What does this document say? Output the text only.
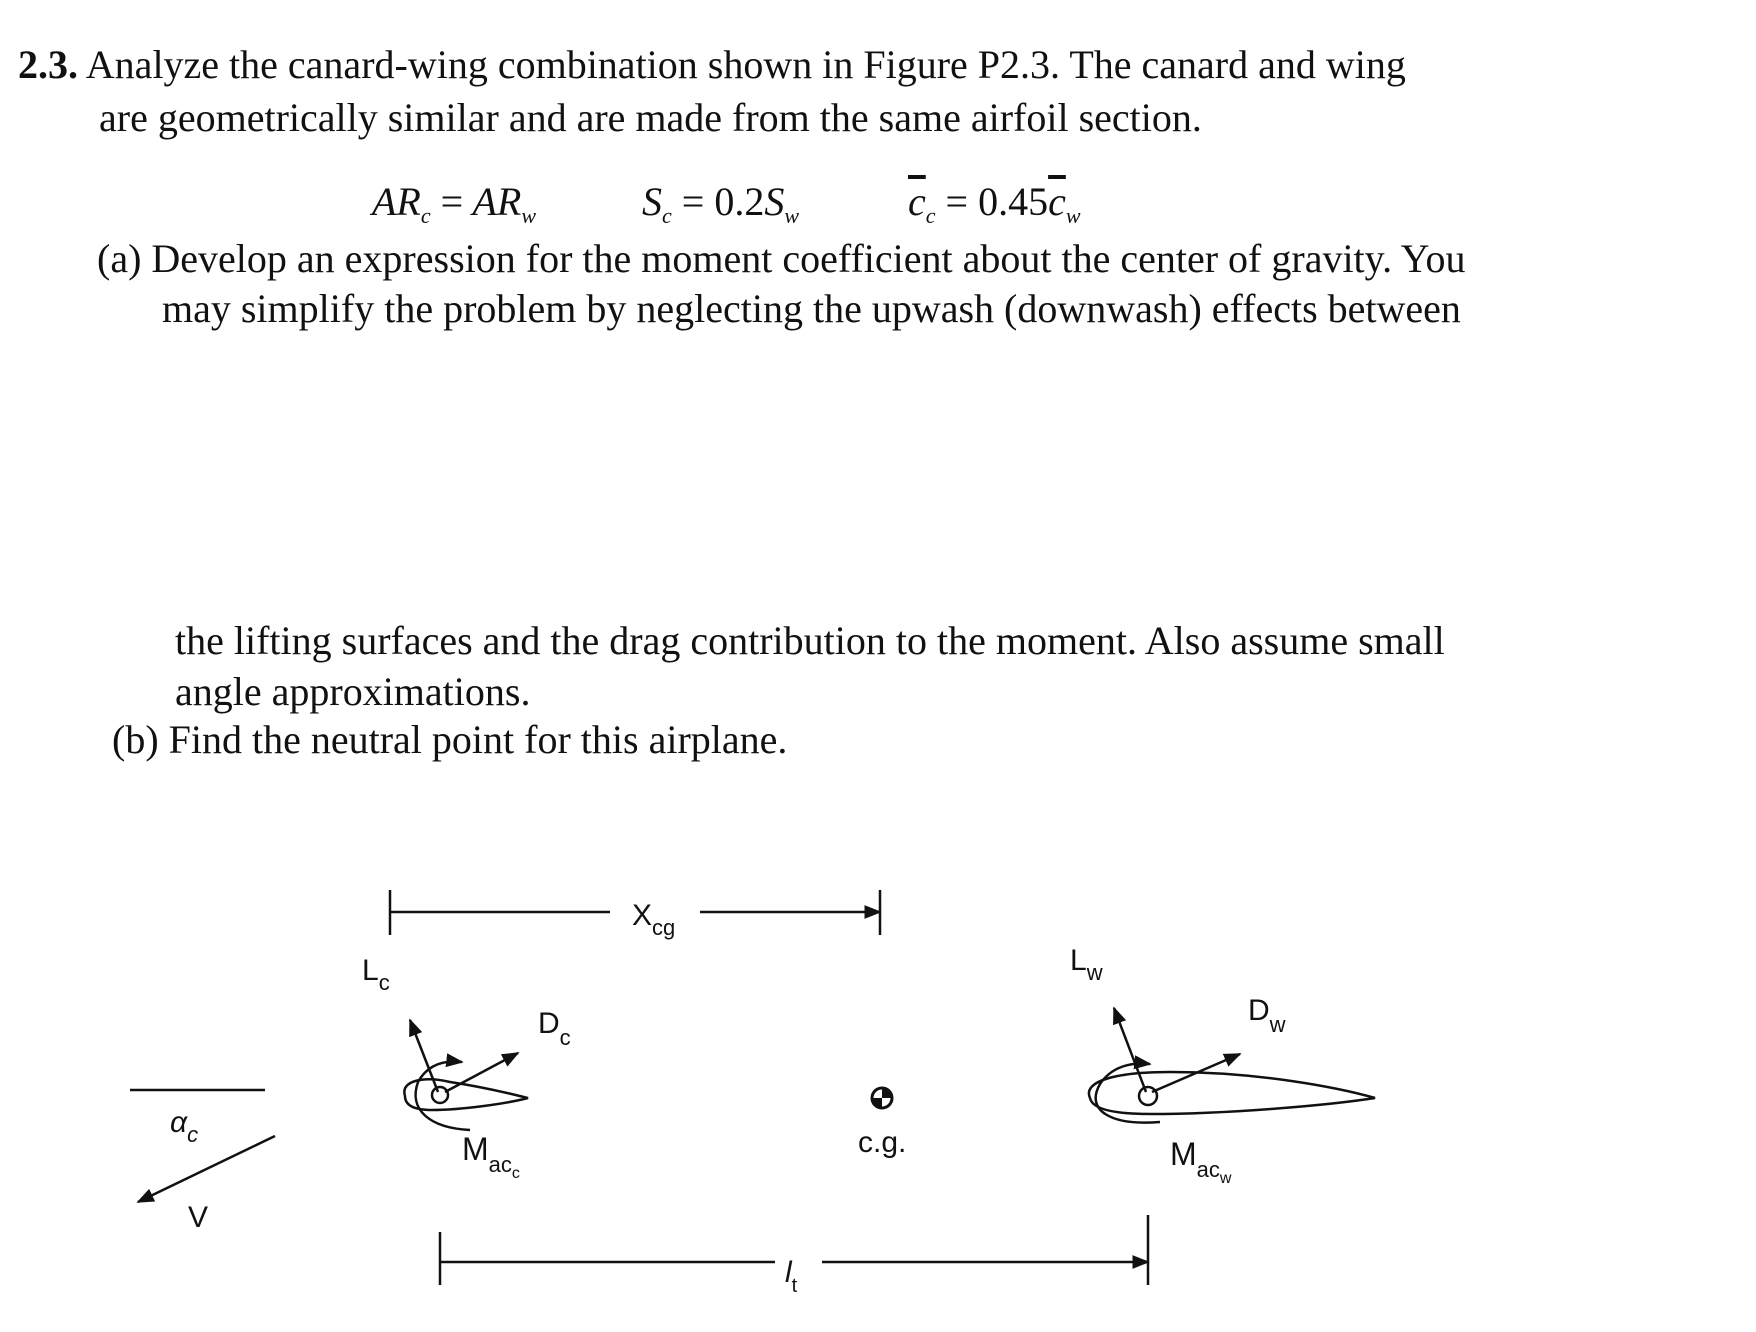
2.3. Analyze the canard-wing combination shown in Figure P2.3. The canard and wing
are geometrically similar and are made from the same airfoil section.
$AR_c = AR_w$	$S_c = 0.2S_w$	$\overline{c}_c = 0.45\overline{c}_w$
(a) Develop an expression for the moment coefficient about the center of gravity. You
may simplify the problem by neglecting the upwash (downwash) effects between
the lifting surfaces and the drag contribution to the moment. Also assume small
angle approximations.
(b) Find the neutral point for this airplane.
$X_{cg}$
$\alpha_c$
V
$L_c$
$D_c$
$M_{ac}c$
c.g.
$L_w$
$D_w$
$M_{ac}w$
$l_t$
